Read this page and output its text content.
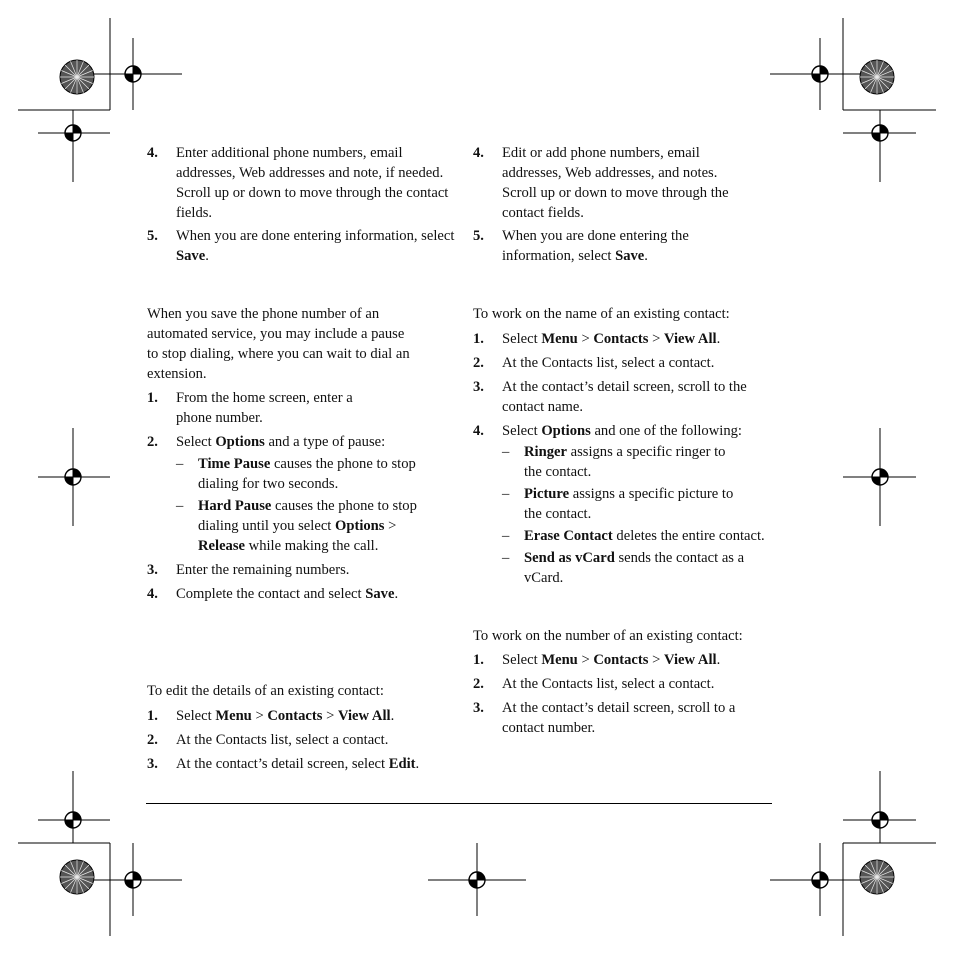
4. Enter additional phone numbers, email addresses, Web addresses and note, if needed. Scroll up or down to move through the contact fields.
5. When you are done entering information, select Save.

When you save the phone number of an automated service, you may include a pause to stop dialing, where you can wait to dial an extension.

1. From the home screen, enter a phone number.
2. Select Options and a type of pause:
– Time Pause causes the phone to stop dialing for two seconds.
– Hard Pause causes the phone to stop dialing until you select Options > Release while making the call.
3. Enter the remaining numbers.
4. Complete the contact and select Save.

To edit the details of an existing contact:

1. Select Menu > Contacts > View All.
2. At the Contacts list, select a contact.
3. At the contact’s detail screen, select Edit.
4. Edit or add phone numbers, email addresses, Web addresses, and notes. Scroll up or down to move through the contact fields.
5. When you are done entering the information, select Save.

To work on the name of an existing contact:

1. Select Menu > Contacts > View All.
2. At the Contacts list, select a contact.
3. At the contact’s detail screen, scroll to the contact name.
4. Select Options and one of the following:
– Ringer assigns a specific ringer to the contact.
– Picture assigns a specific picture to the contact.
– Erase Contact deletes the entire contact.
– Send as vCard sends the contact as a vCard.

To work on the number of an existing contact:

1. Select Menu > Contacts > View All.
2. At the Contacts list, select a contact.
3. At the contact’s detail screen, scroll to a contact number.
